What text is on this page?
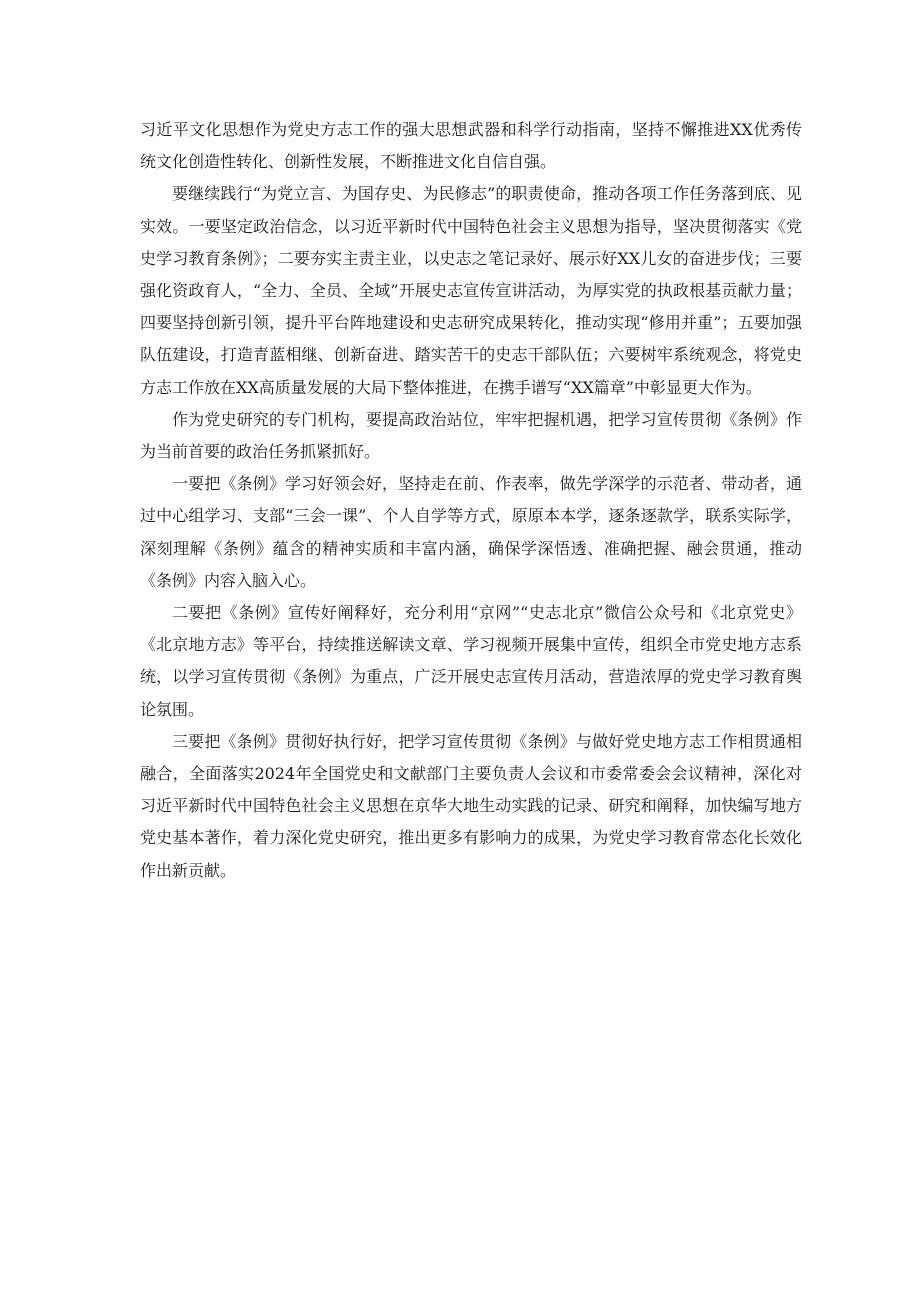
习近平文化思想作为党史方志工作的强大思想武器和科学行动指南，坚持不懈推进XX优秀传统文化创造性转化、创新性发展，不断推进文化自信自强。

要继续践行“为党立言、为国存史、为民修志”的职责使命，推动各项工作任务落到底、见实效。一要坚定政治信念，以习近平新时代中国特色社会主义思想为指导，坚决贯彻落实《党史学习教育条例》；二要夯实主责主业，以史志之笔记录好、展示好XX儿女的奋进步伐；三要强化资政育人，“全力、全员、全域”开展史志宣传宣讲活动，为厚实党的执政根基贡献力量；四要坚持创新引领，提升平台阵地建设和史志研究成果转化，推动实现“修用并重”；五要加强队伍建设，打造青蓝相继、创新奋进、踏实苦干的史志干部队伍；六要树牢系统观念，将党史方志工作放在XX高质量发展的大局下整体推进，在携手谱写“XX篇章”中彰显更大作为。

作为党史研究的专门机构，要提高政治站位，牢牢把握机遇，把学习宣传贯彻《条例》作为当前首要的政治任务抓紧抓好。

一要把《条例》学习好领会好，坚持走在前、作表率，做先学深学的示范者、带动者，通过中心组学习、支部“三会一课”、个人自学等方式，原原本本学，逐条逐款学，联系实际学，深刻理解《条例》蕴含的精神实质和丰富内涵，确保学深悟透、准确把握、融会贯通，推动《条例》内容入脑入心。

二要把《条例》宣传好阐释好，充分利用“京网”“史志北京”微信公众号和《北京党史》《北京地方志》等平台，持续推送解读文章、学习视频开展集中宣传，组织全市党史地方志系统，以学习宣传贯彻《条例》为重点，广泛开展史志宣传月活动，营造浓厚的党史学习教育舆论氛围。

三要把《条例》贯彻好执行好，把学习宣传贯彻《条例》与做好党史地方志工作相贯通相融合，全面落实2024年全国党史和文献部门主要负责人会议和市委常委会会议精神，深化对习近平新时代中国特色社会主义思想在京华大地生动实践的记录、研究和阐释，加快编写地方党史基本著作，着力深化党史研究，推出更多有影响力的成果，为党史学习教育常态化长效化作出新贡献。
